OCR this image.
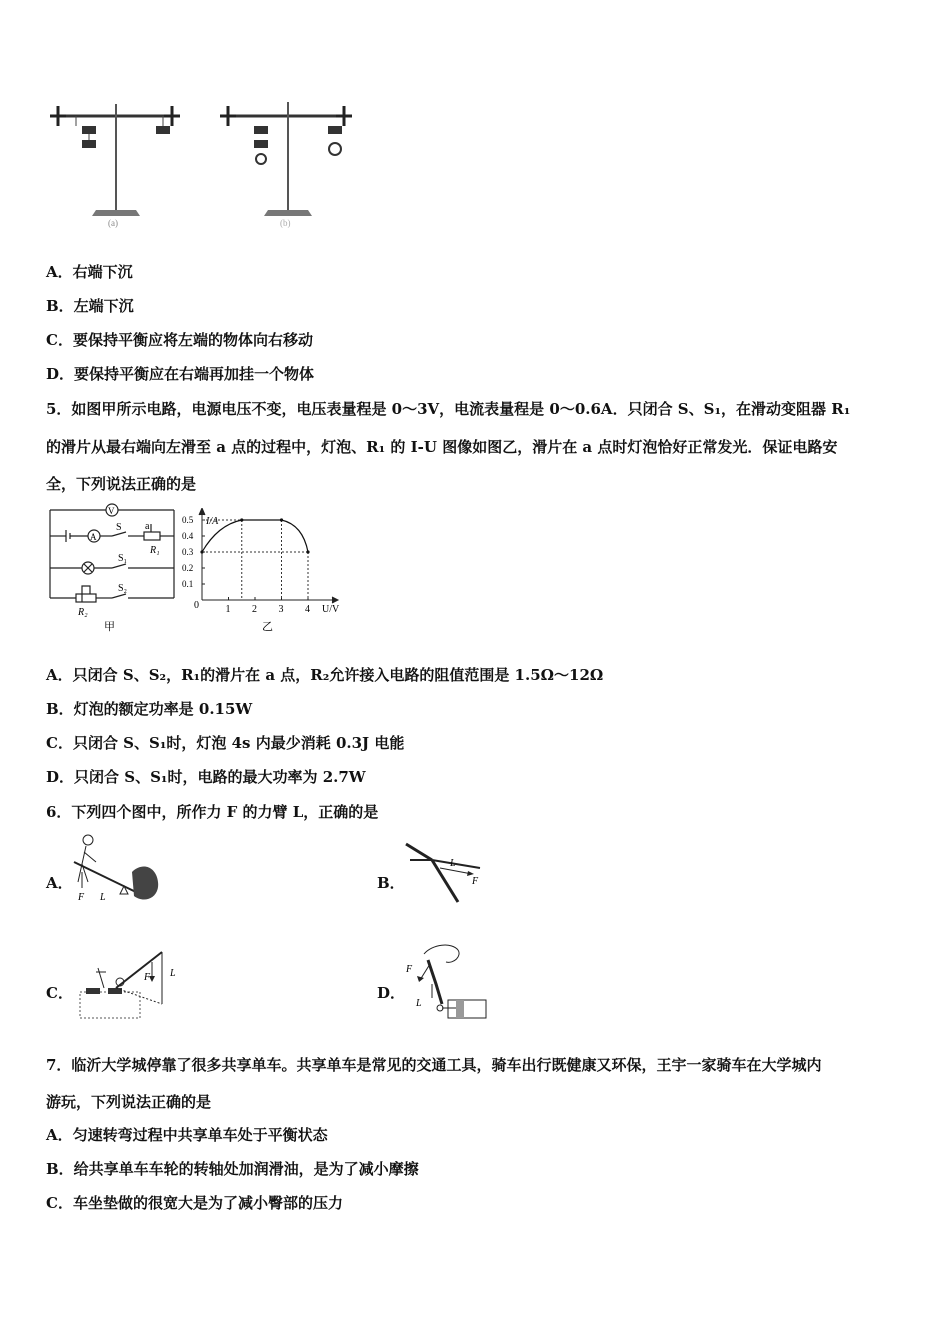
(a)	(b)
A．右端下沉
B．左端下沉
C．要保持平衡应将左端的物体向右移动
D．要保持平衡应在右端再加挂一个物体
5．如图甲所示电路，电源电压不变，电压表量程是 0～3V，电流表量程是 0～0.6A．只闭合 S、S₁，在滑动变阻器 R₁
的滑片从最右端向左滑至 a 点的过程中，灯泡、R₁ 的 I-U 图像如图乙，滑片在 a 点时灯泡恰好正常发光．保证电路安
全，下列说法正确的是
V
A
S a
R₁
S₁
S₂
R₂
甲
I/A
U/V
0
乙
0.1
0.2
0.3
0.4
0.5
1 2 3 4
A．只闭合 S、S₂，R₁的滑片在 a 点，R₂允许接入电路的阻值范围是 1.5Ω～12Ω
B．灯泡的额定功率是 0.15W
C．只闭合 S、S₁时，灯泡 4s 内最少消耗 0.3J 电能
D．只闭合 S、S₁时，电路的最大功率为 2.7W
6．下列四个图中，所作力 F 的力臂 L，正确的是
A．
F L
B．
L
F
C．
F L
D．
F
L
7．临沂大学城停靠了很多共享单车。共享单车是常见的交通工具，骑车出行既健康又环保，王宇一家骑车在大学城内
游玩，下列说法正确的是
A．匀速转弯过程中共享单车处于平衡状态
B．给共享单车车轮的转轴处加润滑油，是为了减小摩擦
C．车坐垫做的很宽大是为了减小臀部的压力
